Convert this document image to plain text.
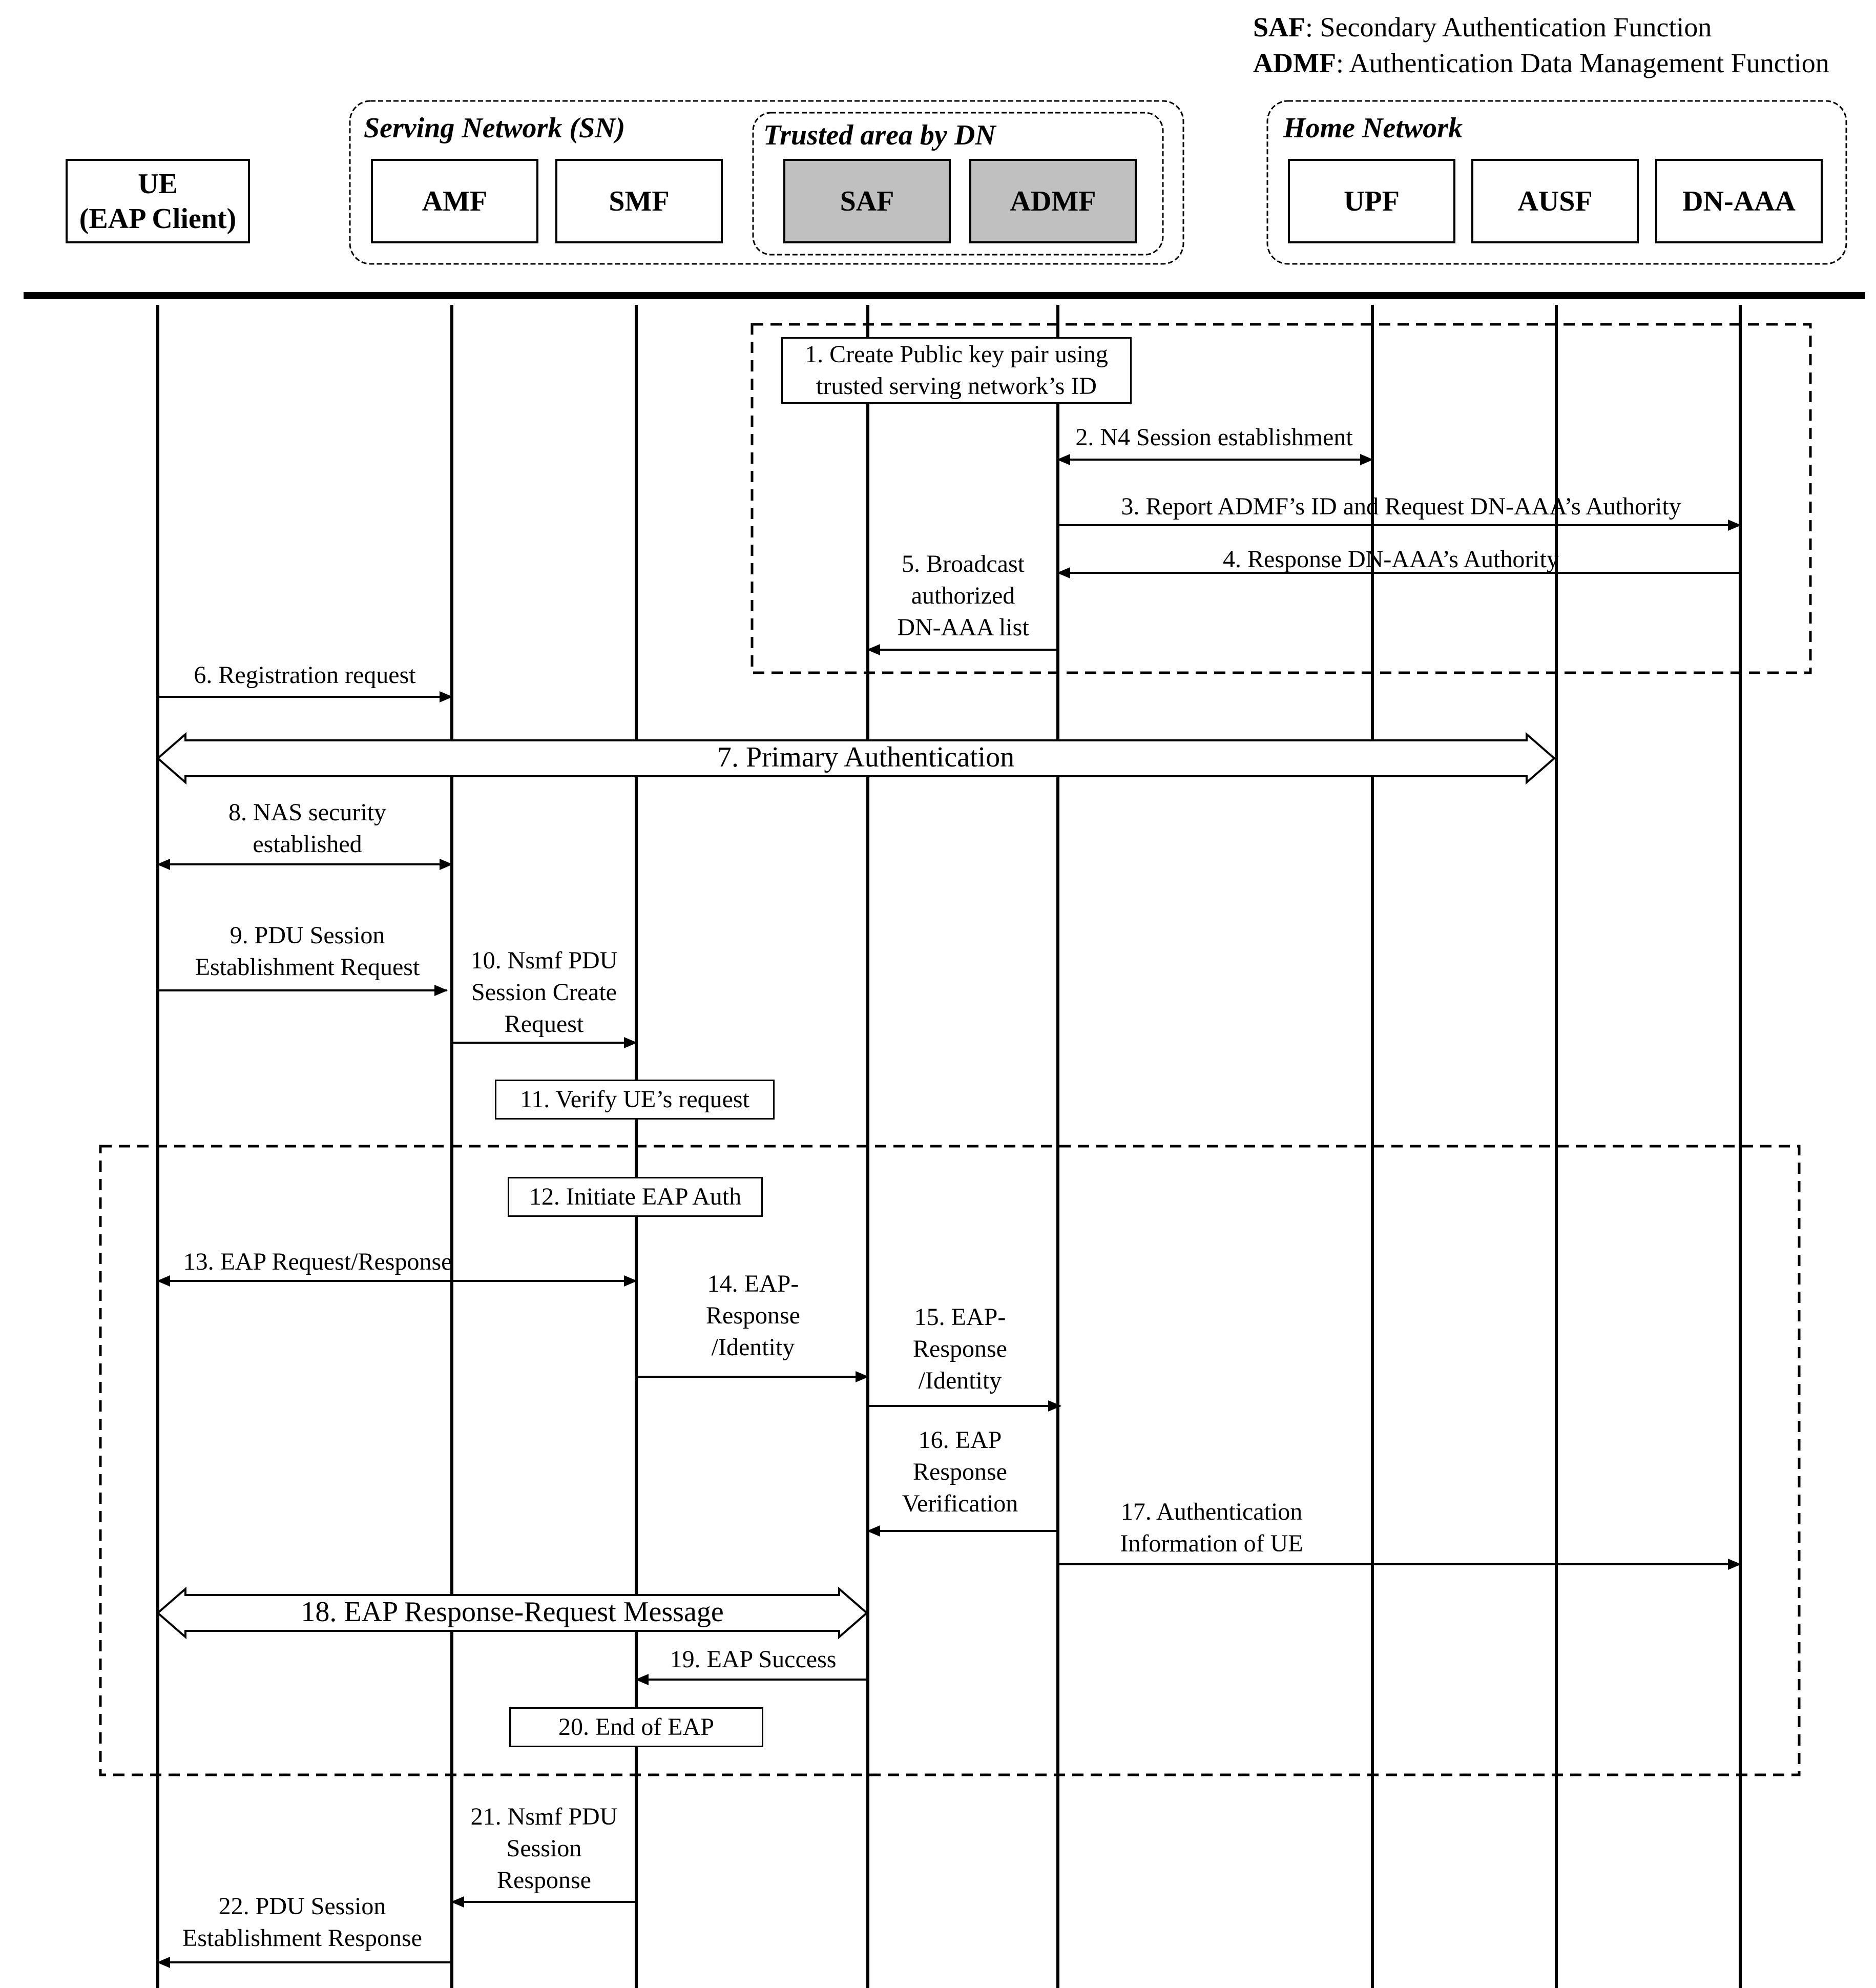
SAF: Secondary Authentication Function
ADMF: Authentication Data Management Function
Serving Network (SN)	Trusted area by DN	Home Network
UE
(EAP Client)
AMF	SMF	SAF	ADMF	UPF	AUSF	DN-AAA
1. Create Public key pair using
trusted serving network’s ID
2. N4 Session establishment
3. Report ADMF’s ID and Request DN-AAA’s Authority
4. Response DN-AAA’s Authority
5. Broadcast
authorized
DN-AAA list
6. Registration request
7. Primary Authentication
8. NAS security
established
9. PDU Session
Establishment Request	10. Nsmf PDU
Session Create
Request
11. Verify UE’s request
12. Initiate EAP Auth
13. EAP Request/Response
14. EAP-
Response
/Identity
15. EAP-
Response
/Identity
16. EAP
Response
Verification	17. Authentication
Information of UE
18. EAP Response-Request Message
19. EAP Success
20. End of EAP
21. Nsmf PDU
Session
Response
22. PDU Session
Establishment Response
